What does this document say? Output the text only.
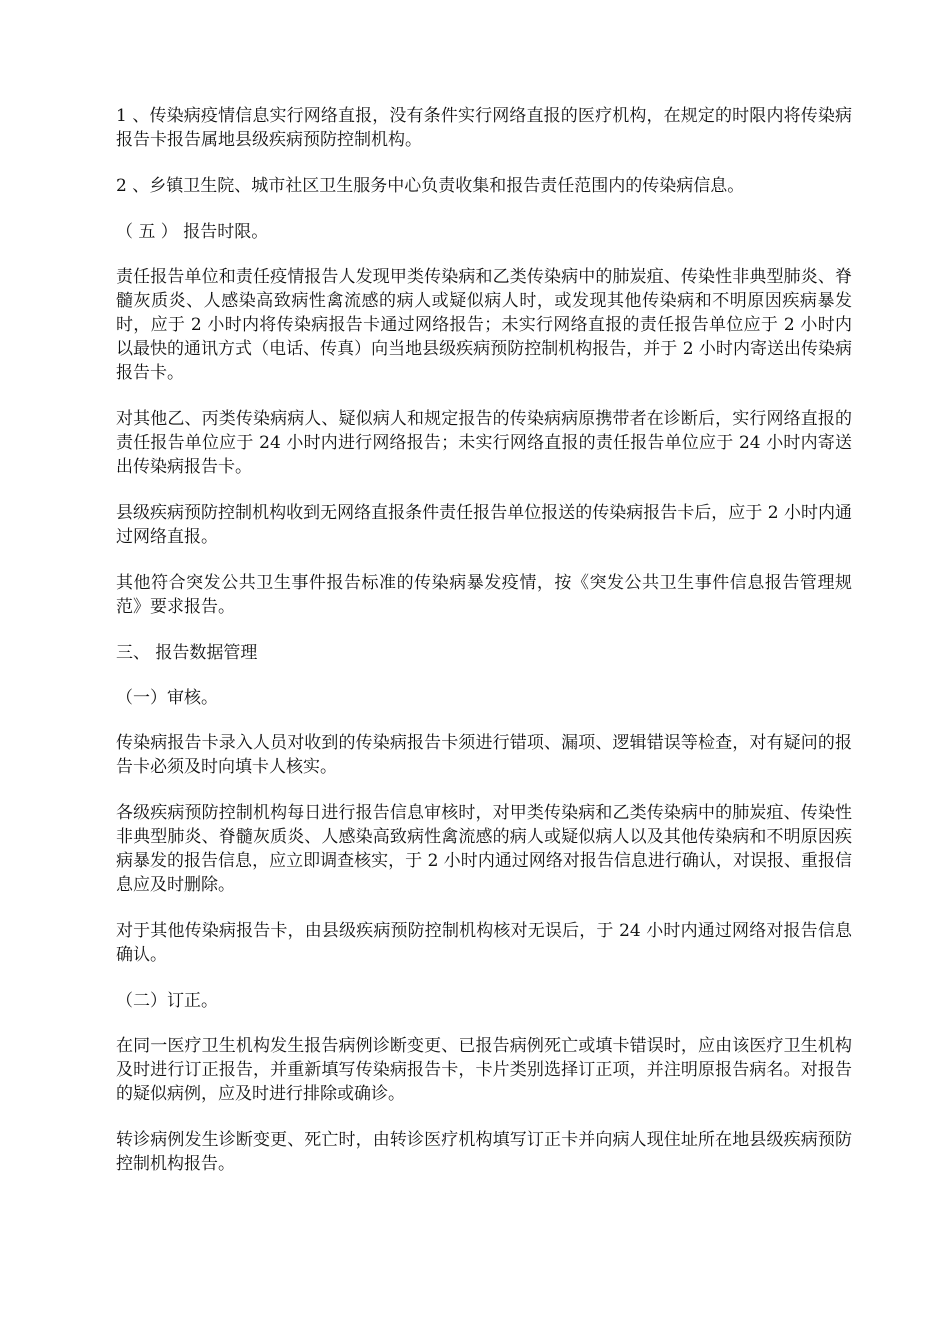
1 、传染病疫情信息实行网络直报，没有条件实行网络直报的医疗机构，在规定的时限内将传染病报告卡报告属地县级疾病预防控制机构。

2 、乡镇卫生院、城市社区卫生服务中心负责收集和报告责任范围内的传染病信息。

（ 五 ） 报告时限。

责任报告单位和责任疫情报告人发现甲类传染病和乙类传染病中的肺炭疽、传染性非典型肺炎、脊髓灰质炎、人感染高致病性禽流感的病人或疑似病人时，或发现其他传染病和不明原因疾病暴发时，应于 2 小时内将传染病报告卡通过网络报告；未实行网络直报的责任报告单位应于 2 小时内以最快的通讯方式（电话、传真）向当地县级疾病预防控制机构报告，并于 2 小时内寄送出传染病报告卡。

对其他乙、丙类传染病病人、疑似病人和规定报告的传染病病原携带者在诊断后，实行网络直报的责任报告单位应于 24 小时内进行网络报告；未实行网络直报的责任报告单位应于 24 小时内寄送出传染病报告卡。

县级疾病预防控制机构收到无网络直报条件责任报告单位报送的传染病报告卡后，应于 2 小时内通过网络直报。

其他符合突发公共卫生事件报告标准的传染病暴发疫情，按《突发公共卫生事件信息报告管理规范》要求报告。

三、 报告数据管理

（一）审核。

传染病报告卡录入人员对收到的传染病报告卡须进行错项、漏项、逻辑错误等检查，对有疑问的报告卡必须及时向填卡人核实。

各级疾病预防控制机构每日进行报告信息审核时，对甲类传染病和乙类传染病中的肺炭疽、传染性非典型肺炎、脊髓灰质炎、人感染高致病性禽流感的病人或疑似病人以及其他传染病和不明原因疾病暴发的报告信息，应立即调查核实，于 2 小时内通过网络对报告信息进行确认，对误报、重报信息应及时删除。

对于其他传染病报告卡，由县级疾病预防控制机构核对无误后，于 24 小时内通过网络对报告信息确认。

（二）订正。

在同一医疗卫生机构发生报告病例诊断变更、已报告病例死亡或填卡错误时，应由该医疗卫生机构及时进行订正报告，并重新填写传染病报告卡，卡片类别选择订正项，并注明原报告病名。对报告的疑似病例，应及时进行排除或确诊。

转诊病例发生诊断变更、死亡时，由转诊医疗机构填写订正卡并向病人现住址所在地县级疾病预防控制机构报告。
